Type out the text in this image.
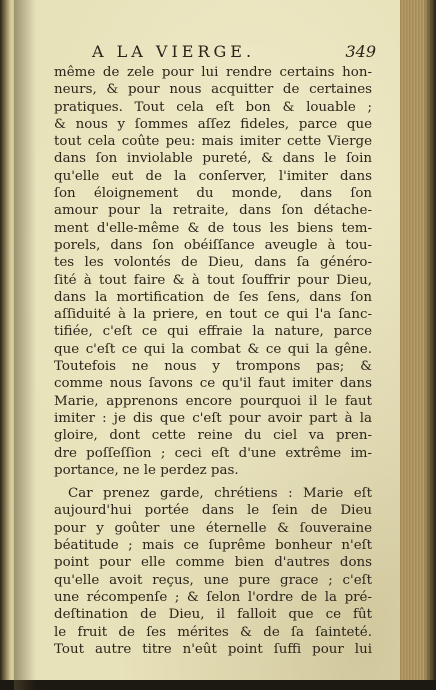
A LA VIERGE.	349
même de zele pour lui rendre certains hon-
neurs, & pour nous acquitter de certaines
pratiques. Tout cela eſt bon & louable ;
& nous y ſommes aſſez fideles, parce que
tout cela coûte peu: mais imiter cette Vierge
dans ſon inviolable pureté, & dans le ſoin
qu'elle eut de la conſerver, l'imiter dans
ſon éloignement du monde, dans ſon
amour pour la retraite, dans ſon détache-
ment d'elle-même & de tous les biens tem-
porels, dans ſon obéiſſance aveugle à tou-
tes les volontés de Dieu, dans ſa généro-
ſité à tout faire & à tout ſouffrir pour Dieu,
dans la mortification de ſes ſens, dans ſon
aſſiduité à la priere, en tout ce qui l'a ſanc-
tifiée, c'eſt ce qui effraie la nature, parce
que c'eſt ce qui la combat & ce qui la gêne.
Toutefois ne nous y trompons pas; &
comme nous ſavons ce qu'il faut imiter dans
Marie, apprenons encore pourquoi il le faut
imiter : je dis que c'eſt pour avoir part à la
gloire, dont cette reine du ciel va pren-
dre poſſeſſion ; ceci eſt d'une extrême im-
portance, ne le perdez pas.
Car prenez garde, chrétiens : Marie eſt
aujourd'hui portée dans le ſein de Dieu
pour y goûter une éternelle & ſouveraine
béatitude ; mais ce ſuprême bonheur n'eſt
point pour elle comme bien d'autres dons
qu'elle avoit reçus, une pure grace ; c'eſt
une récompenſe ; & ſelon l'ordre de la pré-
deſtination de Dieu, il falloit que ce fût
le fruit de ſes mérites & de ſa ſainteté.
Tout autre titre n'eût point ſuffi pour lui
